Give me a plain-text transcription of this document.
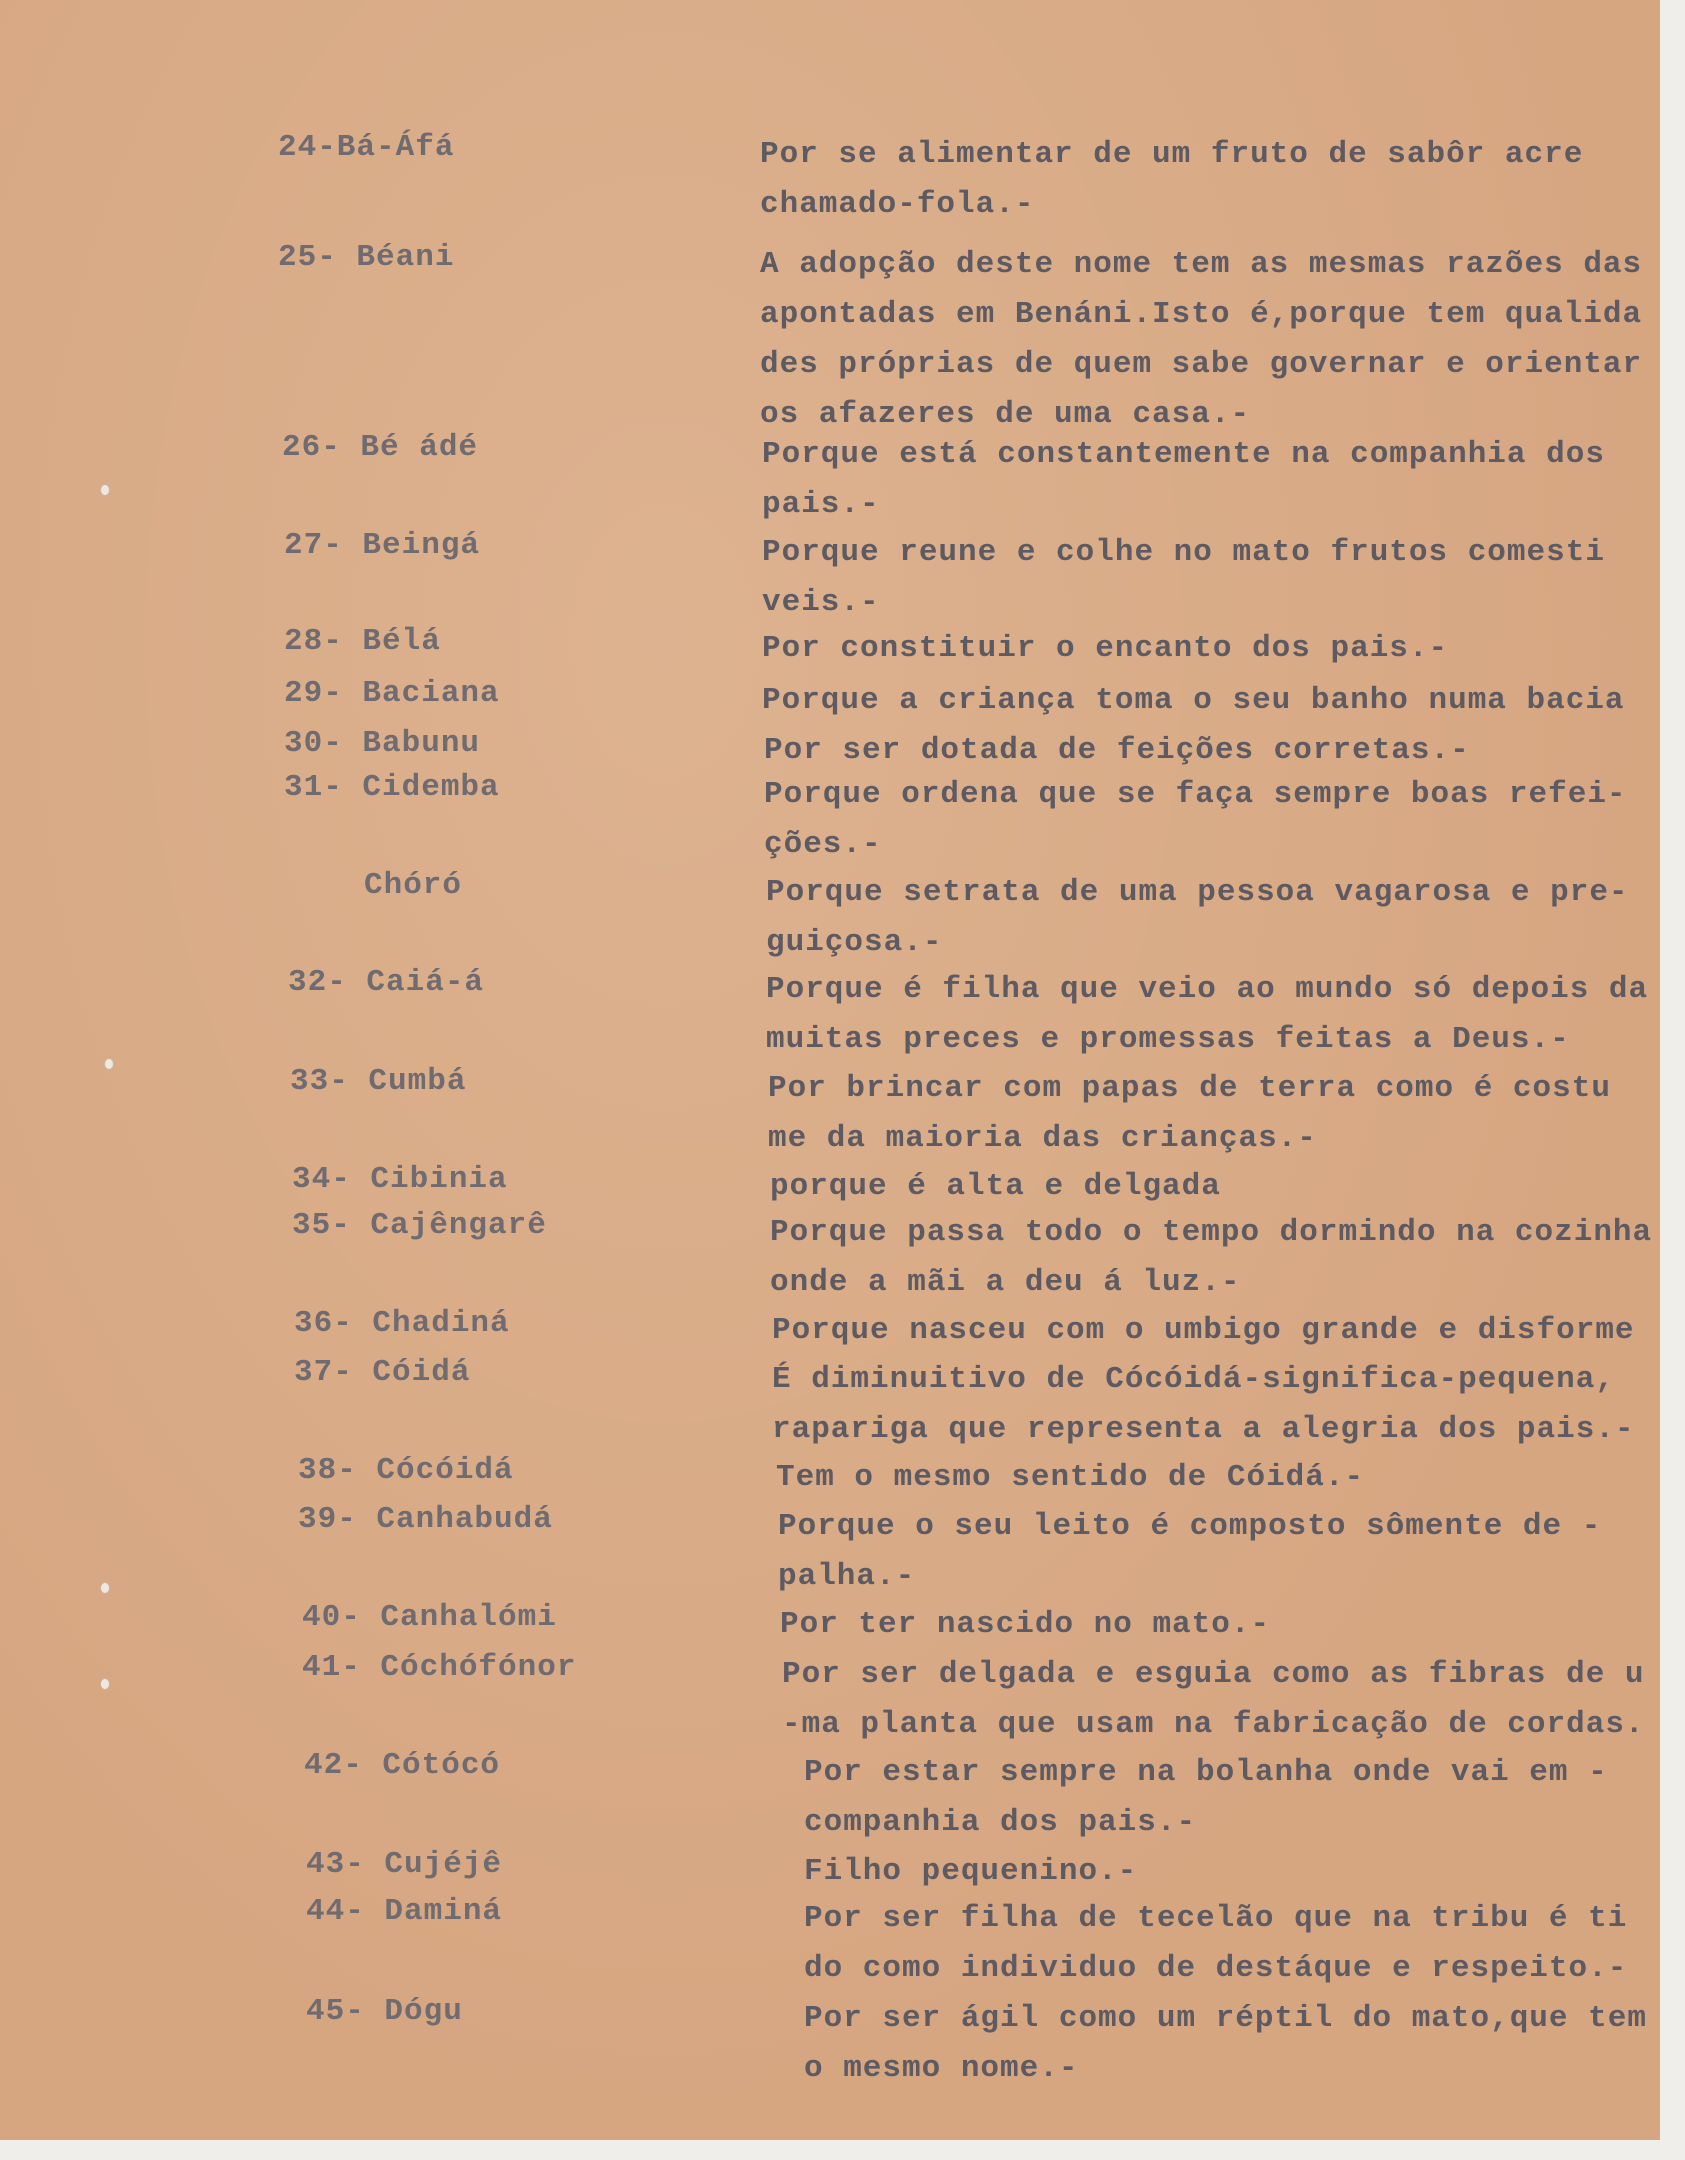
24-Bá-Áfá	Por se alimentar de um fruto de sabôr acre
chamado-fola.-
25- Béani	A adopção deste nome tem as mesmas razões das
apontadas em Benáni.Isto é,porque tem qualida
des próprias de quem sabe governar e orientar
os afazeres de uma casa.-
26- Bé ádé	Porque está constantemente na companhia dos
pais.-
27- Beingá	Porque reune e colhe no mato frutos comesti
veis.-
28- Bélá	Por constituir o encanto dos pais.-
29- Baciana	Porque a criança toma o seu banho numa bacia
30- Babunu	Por ser dotada de feições corretas.-
31- Cidemba	Porque ordena que se faça sempre boas refei-
ções.-
Chóró	Porque setrata de uma pessoa vagarosa e pre-
guiçosa.-
32- Caiá-á	Porque é filha que veio ao mundo só depois da
muitas preces e promessas feitas a Deus.-
33- Cumbá	Por brincar com papas de terra como é costu
me da maioria das crianças.-
34- Cibinia	porque é alta e delgada
35- Cajêngarê	Porque passa todo o tempo dormindo na cozinha
onde a mãi a deu á luz.-
36- Chadiná	Porque nasceu com o umbigo grande e disforme
37- Cóidá	É diminuitivo de Cócóidá-significa-pequena,
rapariga que representa a alegria dos pais.-
38- Cócóidá	Tem o mesmo sentido de Cóidá.-
39- Canhabudá	Porque o seu leito é composto sômente de -
palha.-
40- Canhalómi	Por ter nascido no mato.-
41- Cóchófónor	Por ser delgada e esguia como as fibras de u
-ma planta que usam na fabricação de cordas.
42- Cótócó	Por estar sempre na bolanha onde vai em -
companhia dos pais.-
43- Cujéjê	Filho pequenino.-
44- Daminá	Por ser filha de tecelão que na tribu é ti
do como individuo de destáque e respeito.-
45- Dógu	Por ser ágil como um réptil do mato,que tem
o mesmo nome.-
